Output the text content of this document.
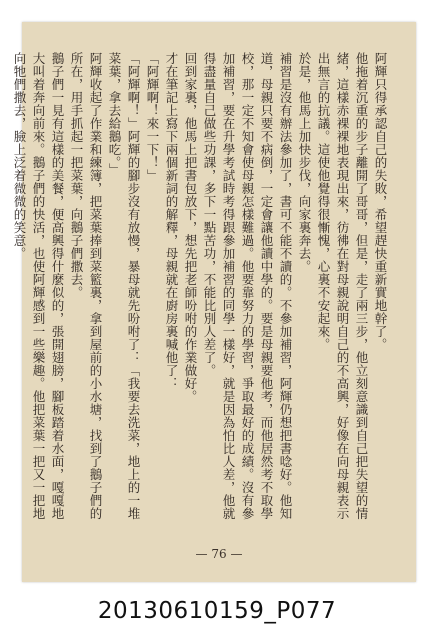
阿輝只得承認自己的失敗，希望趕快重新實地幹了。

他拖着沉重的步子離開了哥哥，但是，走了兩三步，他立刻意識到自己把失望的情緒，這樣赤裸裸地表現出來，彷彿在對母親說明自己的不高興，好像在向母親表示出無言的抗議。這使他覺得很慚愧，心裏不安起來。

於是，他馬上加快步伐，向家裏奔去。

補習是沒有辦法參加了，書可不能不讀的。不參加補習，阿輝仍想把書唸好。他知道，母親只要不病倒，一定會讓他讀中學的。要是母親要他考，而他居然考不取學校，那一定不知會使母親怎樣難過。他要靠努力的學習，爭取最好的成績。沒有參加補習，要在升學考試時考得跟參加補習的同學一樣好，就是因為怕比人差，他就得盡量自己做些功課，多下一點苦功，不能比別人差了。

回到家裏，他馬上把書包放下，想先把老師吩咐的作業做好。

才在筆記上寫下兩個新詞的解釋，母親就在廚房裏喊他了：

「阿輝啊！來一下！」

「阿輝啊！」阿輝的腳步沒有放慢，暴母就先吩咐了：「我要去洗菜，地上的一堆菜葉，拿去給鵝吃。」

阿輝收起了作業和練簿，把菜葉捧到菜籃裏，拿到屋前的小水塘，找到了鵝子們的所在，用手抓起一把菜葉，向鵝子們撒去。

鵝子們一見有這樣的美餐，便高興得什麼似的，張開翅膀，腳板踏着水面，嘎嘎地大叫着奔向前來。鵝子們的快活，也使阿輝感到一些樂趣。他把菜葉一把又一把地向牠們撒去，臉上泛着微微的笑意。

— 76 —
20130610159_P077
